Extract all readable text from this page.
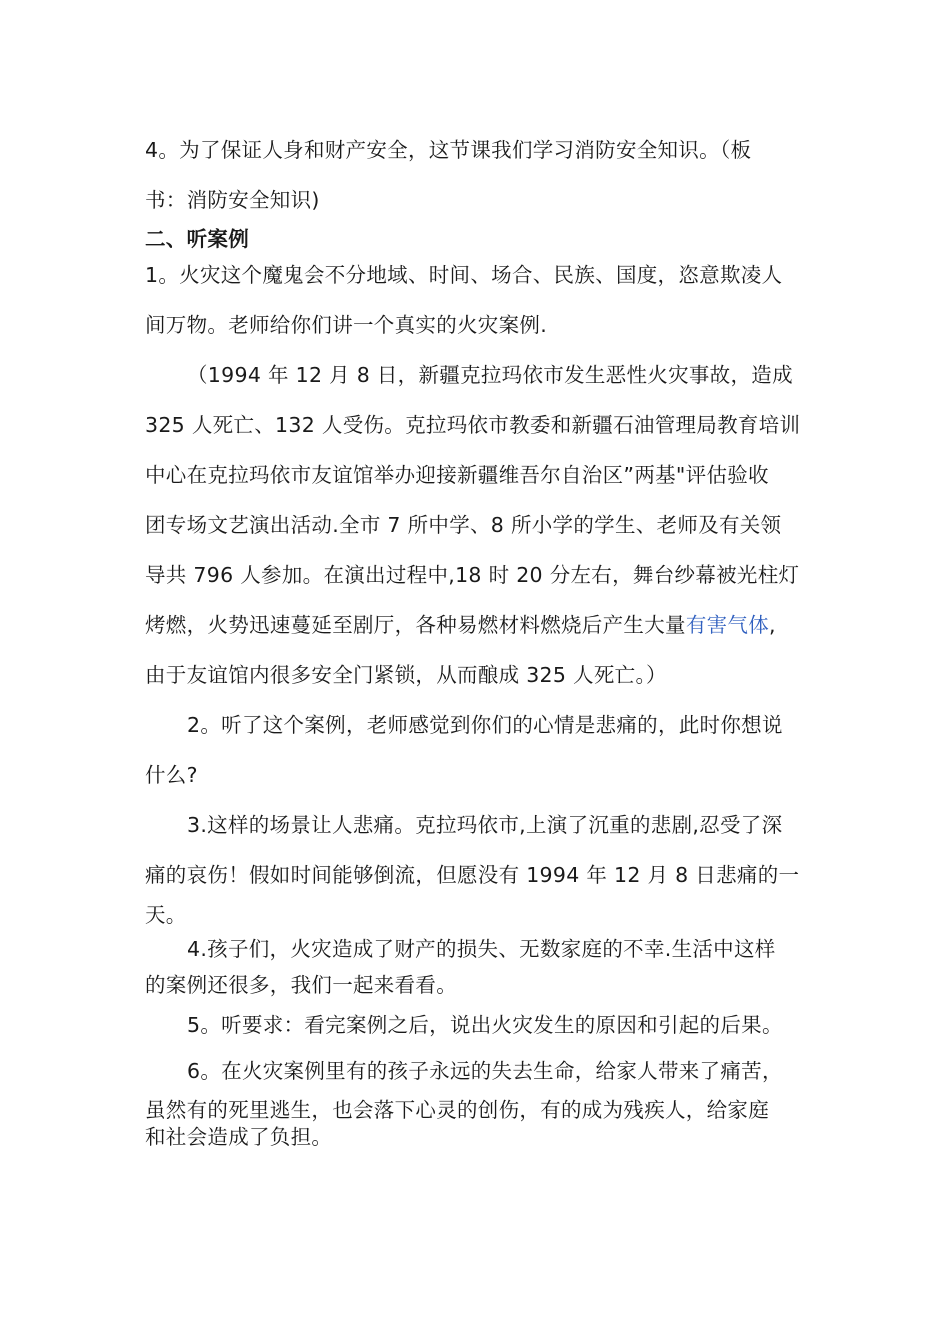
4。为了保证人身和财产安全，这节课我们学习消防安全知识。（板
书：消防安全知识)
二、听案例
1。火灾这个魔鬼会不分地域、时间、场合、民族、国度，恣意欺凌人
间万物。老师给你们讲一个真实的火灾案例.
（1994 年 12 月 8 日，新疆克拉玛依市发生恶性火灾事故，造成
325 人死亡、132 人受伤。克拉玛依市教委和新疆石油管理局教育培训
中心在克拉玛依市友谊馆举办迎接新疆维吾尔自治区”两基"评估验收
团专场文艺演出活动.全市 7 所中学、8 所小学的学生、老师及有关领
导共 796 人参加。在演出过程中,18 时 20 分左右，舞台纱幕被光柱灯
烤燃，火势迅速蔓延至剧厅，各种易燃材料燃烧后产生大量有害气体,
由于友谊馆内很多安全门紧锁，从而酿成 325 人死亡。）
2。听了这个案例，老师感觉到你们的心情是悲痛的，此时你想说
什么?
3.这样的场景让人悲痛。克拉玛依市,上演了沉重的悲剧,忍受了深
痛的哀伤！假如时间能够倒流，但愿没有 1994 年 12 月 8 日悲痛的一
天。
4.孩子们，火灾造成了财产的损失、无数家庭的不幸.生活中这样
的案例还很多，我们一起来看看。
5。听要求：看完案例之后，说出火灾发生的原因和引起的后果。
6。在火灾案例里有的孩子永远的失去生命，给家人带来了痛苦，
虽然有的死里逃生，也会落下心灵的创伤，有的成为残疾人，给家庭
和社会造成了负担。
